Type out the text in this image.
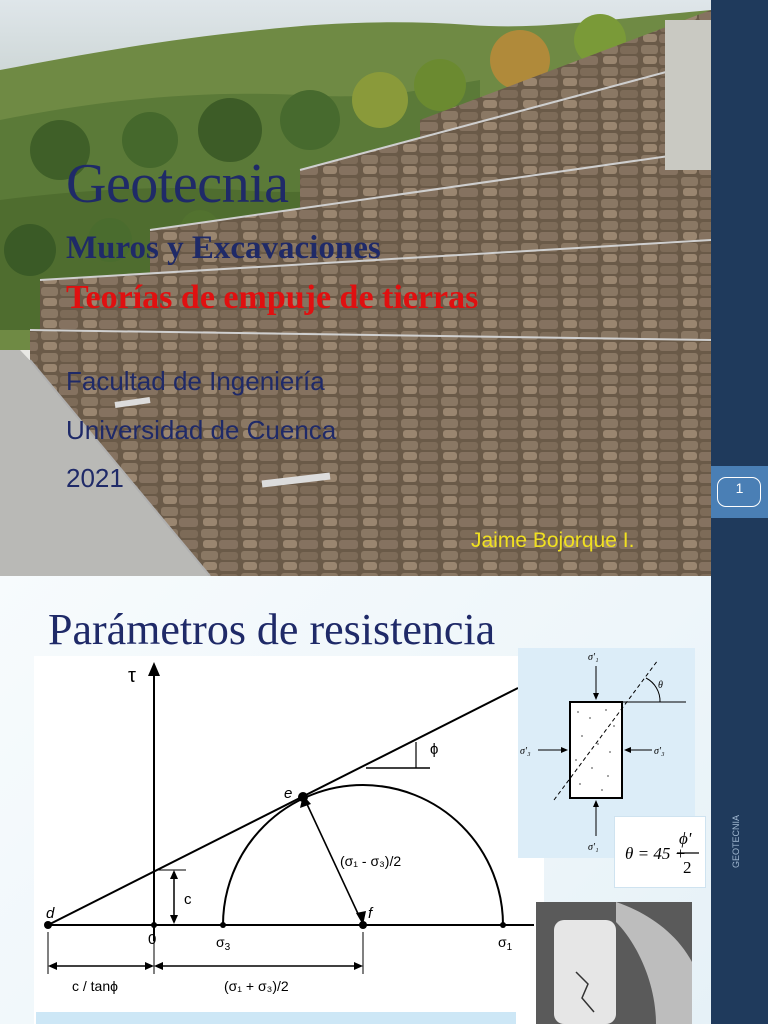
Geotecnia
Muros y Excavaciones
Teorías de empuje de tierras
Facultad de Ingeniería
Universidad de Cuenca
2021
Jaime Bojorque I.
1
Parámetros de resistencia
τ
ϕ
e
(σ₁ - σ₃)/2
d
0
c
$\sigma_3$
f
$\sigma_1$
c / tanϕ	(σ₁ + σ₃)/2
θ
σ'₁
σ'₁
σ'₃	σ'₃
θ = 45 +
ϕ'
2	GEOTECNIA
